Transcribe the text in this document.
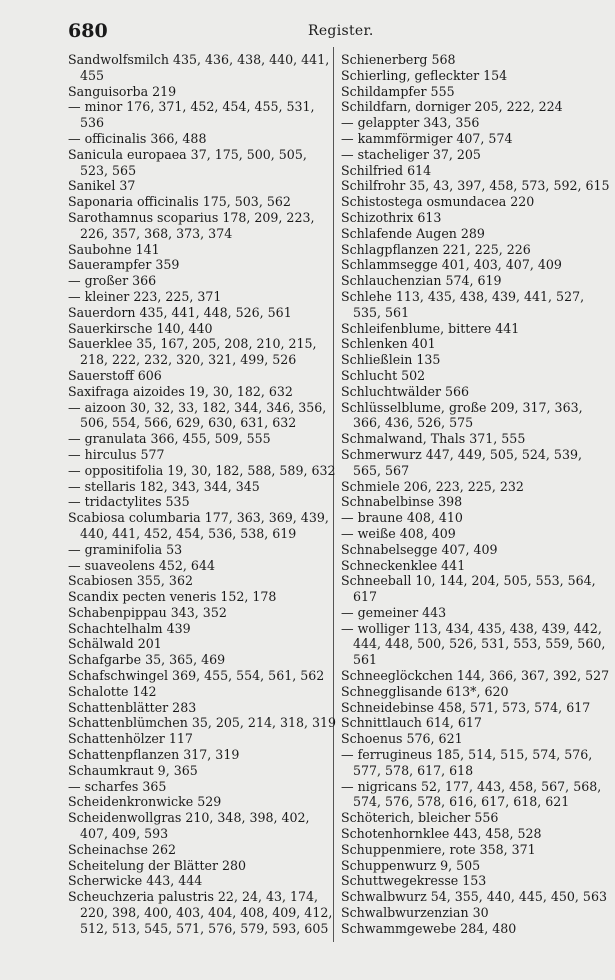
680	Register.

Sandwolfsmilch 435, 436, 438, 440, 441, 455

Sanguisorba 219

— minor 176, 371, 452, 454, 455, 531, 536

— officinalis 366, 488

Sanicula europaea 37, 175, 500, 505, 523, 565

Sanikel 37

Saponaria officinalis 175, 503, 562

Sarothamnus scoparius 178, 209, 223, 226, 357, 368, 373, 374

Saubohne 141

Sauerampfer 359

— großer 366

— kleiner 223, 225, 371

Sauerdorn 435, 441, 448, 526, 561

Sauerkirsche 140, 440

Sauerklee 35, 167, 205, 208, 210, 215, 218, 222, 232, 320, 321, 499, 526

Sauerstoff 606

Saxifraga aizoides 19, 30, 182, 632

— aizoon 30, 32, 33, 182, 344, 346, 356, 506, 554, 566, 629, 630, 631, 632

— granulata 366, 455, 509, 555

— hirculus 577

— oppositifolia 19, 30, 182, 588, 589, 632

— stellaris 182, 343, 344, 345

— tridactylites 535

Scabiosa columbaria 177, 363, 369, 439, 440, 441, 452, 454, 536, 538, 619

— graminifolia 53

— suaveolens 452, 644

Scabiosen 355, 362

Scandix pecten veneris 152, 178

Schabenpippau 343, 352

Schachtelhalm 439

Schälwald 201

Schafgarbe 35, 365, 469

Schafschwingel 369, 455, 554, 561, 562

Schalotte 142

Schattenblätter 283

Schattenblümchen 35, 205, 214, 318, 319

Schattenhölzer 117

Schattenpflanzen 317, 319

Schaumkraut 9, 365

— scharfes 365

Scheidenkronwicke 529

Scheidenwollgras 210, 348, 398, 402, 407, 409, 593

Scheinachse 262

Scheitelung der Blätter 280

Scherwicke 443, 444

Scheuchzeria palustris 22, 24, 43, 174, 220, 398, 400, 403, 404, 408, 409, 412, 512, 513, 545, 571, 576, 579, 593, 605

Schienerberg 568

Schierling, gefleckter 154

Schildampfer 555

Schildfarn, dorniger 205, 222, 224

— gelappter 343, 356

— kammförmiger 407, 574

— stacheliger 37, 205

Schilfried 614

Schilfrohr 35, 43, 397, 458, 573, 592, 615

Schistostega osmundacea 220

Schizothrix 613

Schlafende Augen 289

Schlagpflanzen 221, 225, 226

Schlammsegge 401, 403, 407, 409

Schlauchenzian 574, 619

Schlehe 113, 435, 438, 439, 441, 527, 535, 561

Schleifenblume, bittere 441

Schlenken 401

Schließlein 135

Schlucht 502

Schluchtwälder 566

Schlüsselblume, große 209, 317, 363, 366, 436, 526, 575

Schmalwand, Thals 371, 555

Schmerwurz 447, 449, 505, 524, 539, 565, 567

Schmiele 206, 223, 225, 232

Schnabelbinse 398

— braune 408, 410

— weiße 408, 409

Schnabelsegge 407, 409

Schneckenklee 441

Schneeball 10, 144, 204, 505, 553, 564, 617

— gemeiner 443

— wolliger 113, 434, 435, 438, 439, 442, 444, 448, 500, 526, 531, 553, 559, 560, 561

Schneeglöckchen 144, 366, 367, 392, 527

Schnegglisande 613*, 620

Schneidebinse 458, 571, 573, 574, 617

Schnittlauch 614, 617

Schoenus 576, 621

— ferrugineus 185, 514, 515, 574, 576, 577, 578, 617, 618

— nigricans 52, 177, 443, 458, 567, 568, 574, 576, 578, 616, 617, 618, 621

Schöterich, bleicher 556

Schotenhornklee 443, 458, 528

Schuppenmiere, rote 358, 371

Schuppenwurz 9, 505

Schuttwegekresse 153

Schwalbwurz 54, 355, 440, 445, 450, 563

Schwalbwurzenzian 30

Schwammgewebe 284, 480
